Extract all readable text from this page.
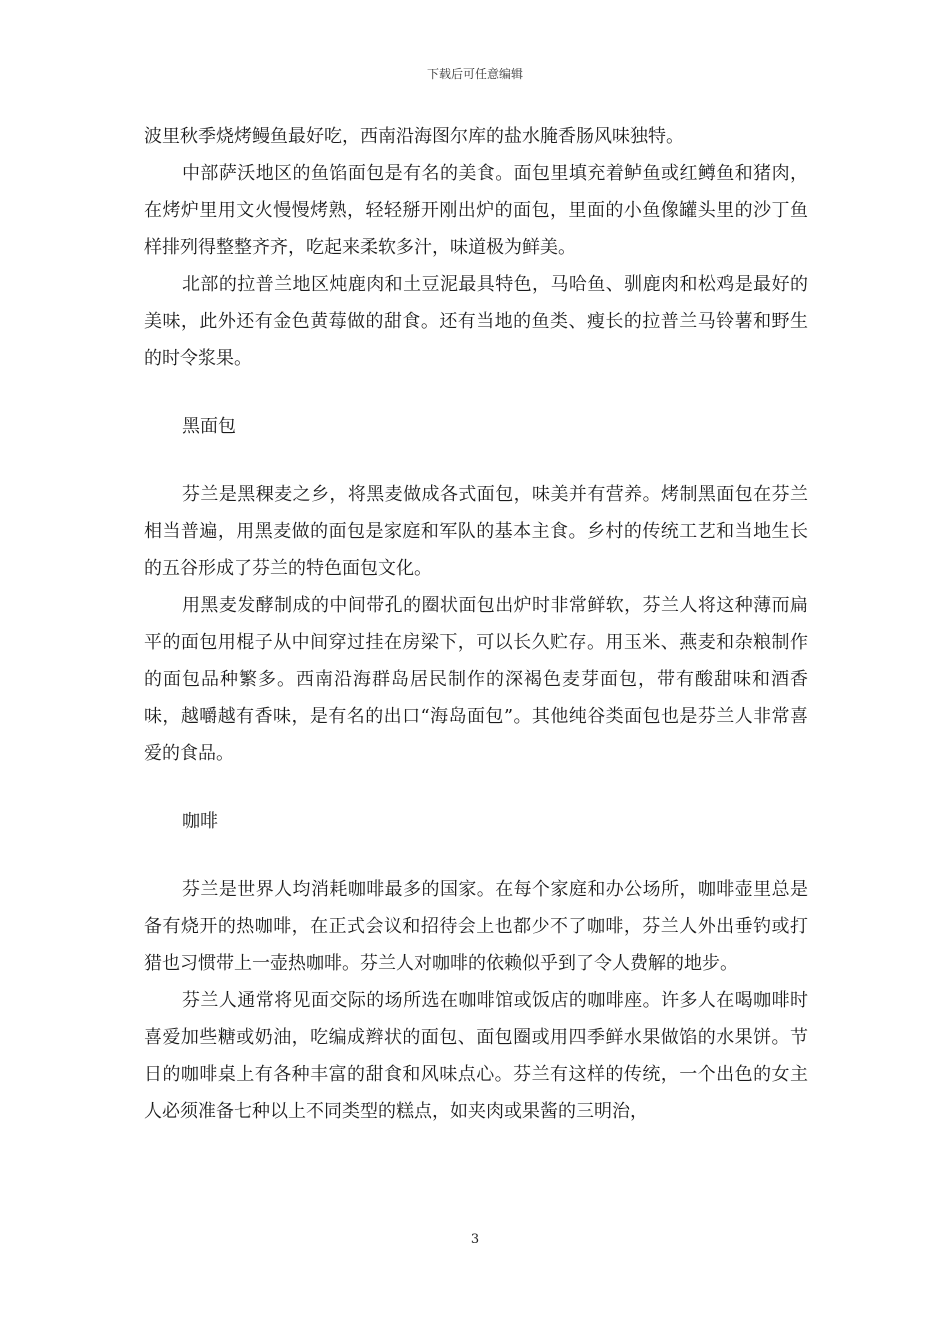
下载后可任意编辑

波里秋季烧烤鳗鱼最好吃，西南沿海图尔库的盐水腌香肠风味独特。

中部萨沃地区的鱼馅面包是有名的美食。面包里填充着鲈鱼或红鳟鱼和猪肉，在烤炉里用文火慢慢烤熟，轻轻掰开刚出炉的面包，里面的小鱼像罐头里的沙丁鱼样排列得整整齐齐，吃起来柔软多汁，味道极为鲜美。

北部的拉普兰地区炖鹿肉和土豆泥最具特色，马哈鱼、驯鹿肉和松鸡是最好的美味，此外还有金色黄莓做的甜食。还有当地的鱼类、瘦长的拉普兰马铃薯和野生的时令浆果。

黑面包

芬兰是黑稞麦之乡，将黑麦做成各式面包，味美并有营养。烤制黑面包在芬兰相当普遍，用黑麦做的面包是家庭和军队的基本主食。乡村的传统工艺和当地生长的五谷形成了芬兰的特色面包文化。

用黑麦发酵制成的中间带孔的圈状面包出炉时非常鲜软，芬兰人将这种薄而扁平的面包用棍子从中间穿过挂在房梁下，可以长久贮存。用玉米、燕麦和杂粮制作的面包品种繁多。西南沿海群岛居民制作的深褐色麦芽面包，带有酸甜味和酒香味，越嚼越有香味，是有名的出口“海岛面包”。其他纯谷类面包也是芬兰人非常喜爱的食品。

咖啡

芬兰是世界人均消耗咖啡最多的国家。在每个家庭和办公场所，咖啡壶里总是备有烧开的热咖啡，在正式会议和招待会上也都少不了咖啡，芬兰人外出垂钓或打猎也习惯带上一壶热咖啡。芬兰人对咖啡的依赖似乎到了令人费解的地步。

芬兰人通常将见面交际的场所选在咖啡馆或饭店的咖啡座。许多人在喝咖啡时喜爱加些糖或奶油，吃编成辫状的面包、面包圈或用四季鲜水果做馅的水果饼。节日的咖啡桌上有各种丰富的甜食和风味点心。芬兰有这样的传统，一个出色的女主人必须准备七种以上不同类型的糕点，如夹肉或果酱的三明治，

3
